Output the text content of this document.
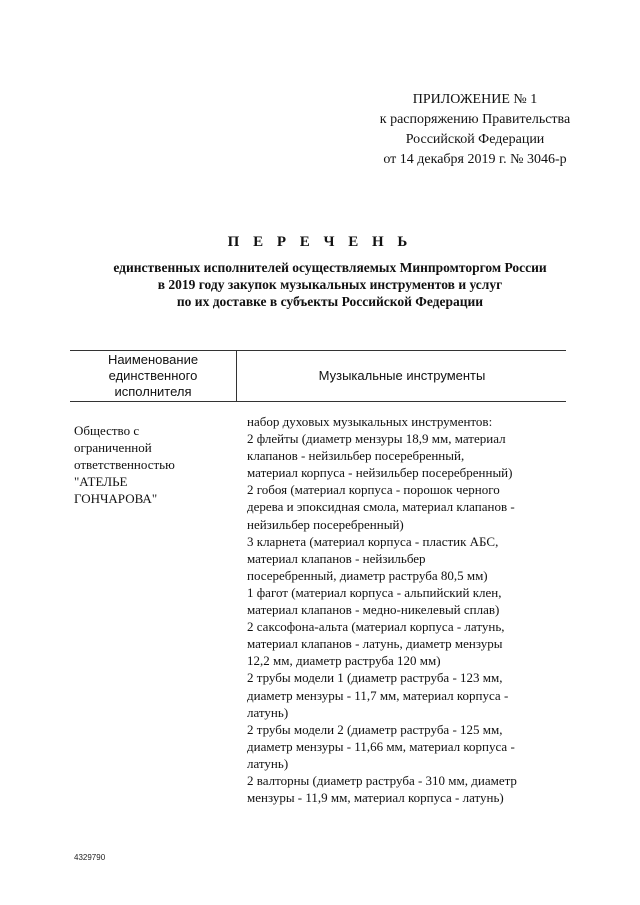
ПРИЛОЖЕНИЕ № 1
к распоряжению Правительства
Российской Федерации
от 14 декабря 2019 г. № 3046-р
П Е Р Е Ч Е Н Ь
единственных исполнителей осуществляемых Минпромторгом России
в 2019 году закупок музыкальных инструментов и услуг
по их доставке в субъекты Российской Федерации
Наименование
единственного
исполнителя
Музыкальные инструменты
Общество с
ограниченной
ответственностью
"АТЕЛЬЕ
ГОНЧАРОВА"
набор духовых музыкальных инструментов:
2 флейты (диаметр мензуры 18,9 мм, материал
клапанов - нейзильбер посеребренный,
материал корпуса - нейзильбер посеребренный)
2 гобоя (материал корпуса - порошок черного
дерева и эпоксидная смола, материал клапанов -
нейзильбер посеребренный)
3 кларнета (материал корпуса - пластик АБС,
материал клапанов - нейзильбер
посеребренный, диаметр раструба 80,5 мм)
1 фагот (материал корпуса - альпийский клен,
материал клапанов - медно-никелевый сплав)
2 саксофона-альта (материал корпуса - латунь,
материал клапанов - латунь, диаметр мензуры
12,2 мм, диаметр раструба 120 мм)
2 трубы модели 1 (диаметр раструба - 123 мм,
диаметр мензуры - 11,7 мм, материал корпуса -
латунь)
2 трубы модели 2 (диаметр раструба - 125 мм,
диаметр мензуры - 11,66 мм, материал корпуса -
латунь)
2 валторны (диаметр раструба - 310 мм, диаметр
мензуры - 11,9 мм, материал корпуса - латунь)
4329790
